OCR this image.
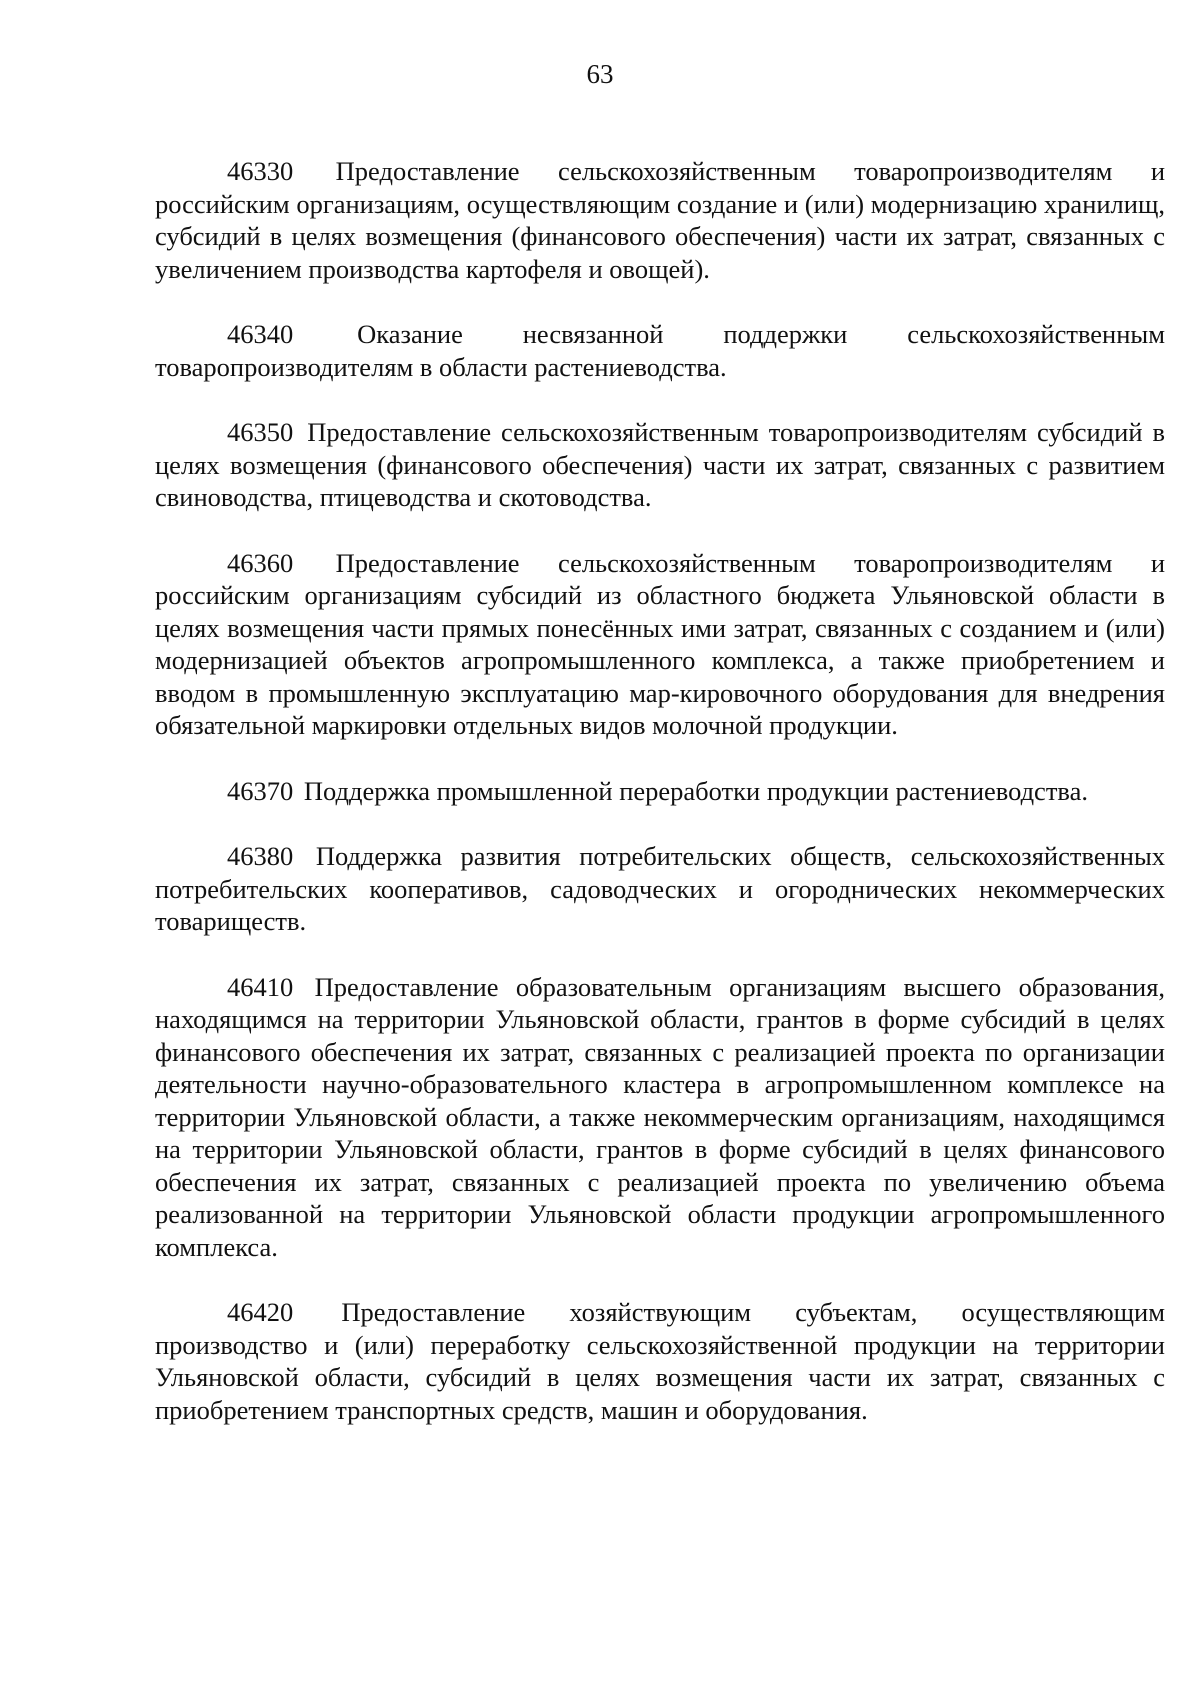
63

46330 Предоставление сельскохозяйственным товаропроизводителям и российским организациям, осуществляющим создание и (или) модернизацию хранилищ, субсидий в целях возмещения (финансового обеспечения) части их затрат, связанных с увеличением производства картофеля и овощей).

46340 Оказание несвязанной поддержки сельскохозяйственным товаропроизводителям в области растениеводства.

46350 Предоставление сельскохозяйственным товаропроизводителям субсидий в целях возмещения (финансового обеспечения) части их затрат, связанных с развитием свиноводства, птицеводства и скотоводства.

46360 Предоставление сельскохозяйственным товаропроизводителям и российским организациям субсидий из областного бюджета Ульяновской области в целях возмещения части прямых понесённых ими затрат, связанных с созданием и (или) модернизацией объектов агропромышленного комплекса, а также приобретением и вводом в промышленную эксплуатацию мар-кировочного оборудования для внедрения обязательной маркировки отдельных видов молочной продукции.

46370 Поддержка промышленной переработки продукции растениеводства.

46380 Поддержка развития потребительских обществ, сельскохозяйственных потребительских кооперативов, садоводческих и огороднических некоммерческих товариществ.

46410 Предоставление образовательным организациям высшего образования, находящимся на территории Ульяновской области, грантов в форме субсидий в целях финансового обеспечения их затрат, связанных с реализацией проекта по организации деятельности научно-образовательного кластера в агропромышленном комплексе на территории Ульяновской области, а также некоммерческим организациям, находящимся на территории Ульяновской области, грантов в форме субсидий в целях финансового обеспечения их затрат, связанных с реализацией проекта по увеличению объема реализованной на территории Ульяновской области продукции агропромышленного комплекса.

46420 Предоставление хозяйствующим субъектам, осуществляющим производство и (или) переработку сельскохозяйственной продукции на территории Ульяновской области, субсидий в целях возмещения части их затрат, связанных с приобретением транспортных средств, машин и оборудования.
